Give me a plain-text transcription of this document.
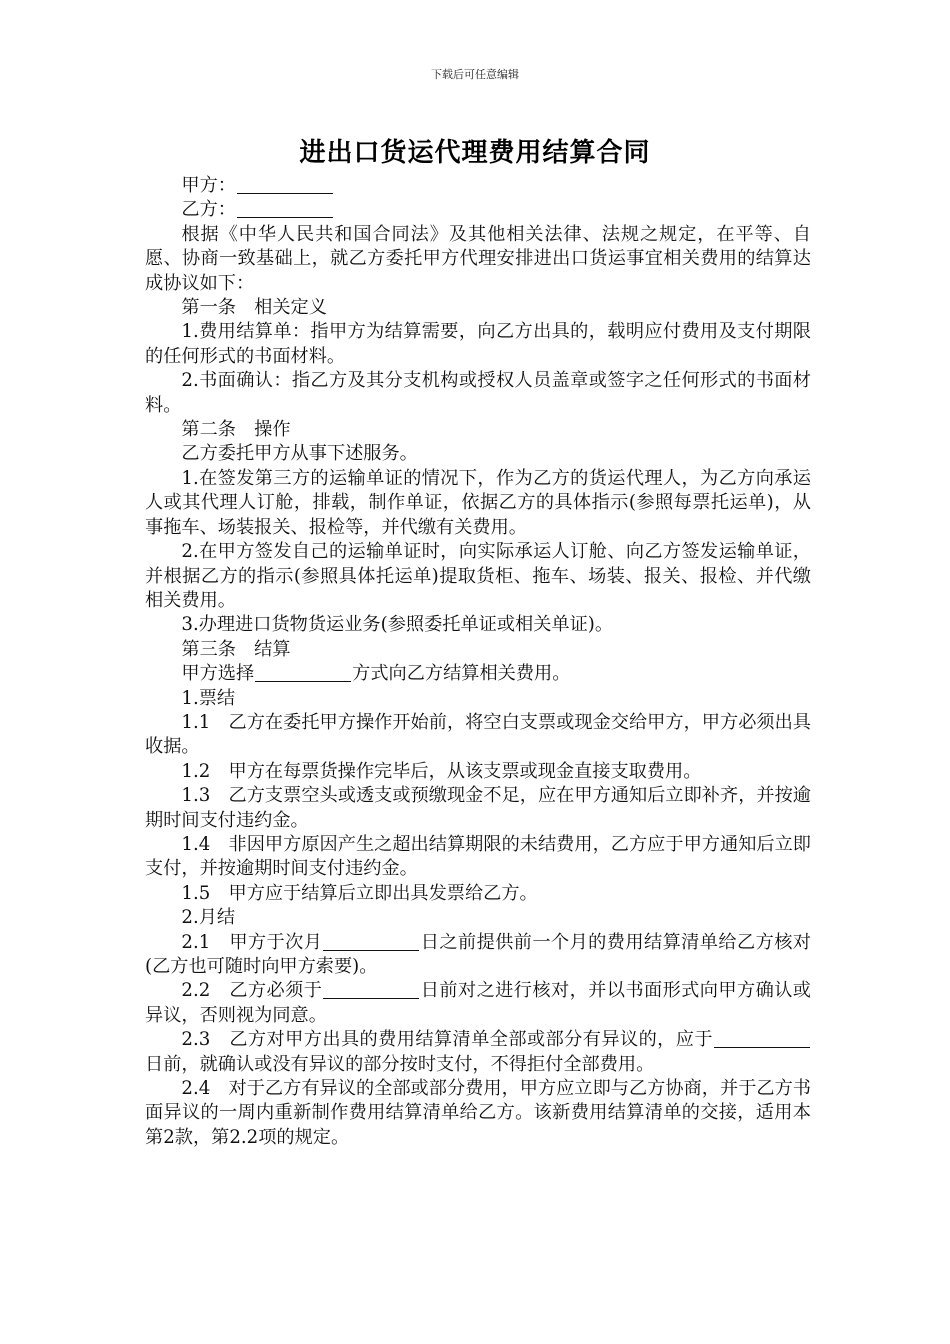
下载后可任意编辑
进出口货运代理费用结算合同

甲方：

乙方：

根据《中华人民共和国合同法》及其他相关法律、法规之规定，在平等、自愿、协商一致基础上，就乙方委托甲方代理安排进出口货运事宜相关费用的结算达成协议如下：

第一条　相关定义

1.费用结算单：指甲方为结算需要，向乙方出具的，载明应付费用及支付期限的任何形式的书面材料。

2.书面确认：指乙方及其分支机构或授权人员盖章或签字之任何形式的书面材料。

第二条　操作

乙方委托甲方从事下述服务。

1.在签发第三方的运输单证的情况下，作为乙方的货运代理人，为乙方向承运人或其代理人订舱，排载，制作单证，依据乙方的具体指示(参照每票托运单)，从事拖车、场装报关、报检等，并代缴有关费用。

2.在甲方签发自己的运输单证时，向实际承运人订舱、向乙方签发运输单证，并根据乙方的指示(参照具体托运单)提取货柜、拖车、场装、报关、报检、并代缴相关费用。

3.办理进口货物货运业务(参照委托单证或相关单证)。

第三条　结算

甲方选择	方式向乙方结算相关费用。

1.票结

1.1　乙方在委托甲方操作开始前，将空白支票或现金交给甲方，甲方必须出具收据。

1.2　甲方在每票货操作完毕后，从该支票或现金直接支取费用。

1.3　乙方支票空头或透支或预缴现金不足，应在甲方通知后立即补齐，并按逾期时间支付违约金。

1.4　非因甲方原因产生之超出结算期限的未结费用，乙方应于甲方通知后立即支付，并按逾期时间支付违约金。

1.5　甲方应于结算后立即出具发票给乙方。

2.月结

2.1　甲方于次月	日之前提供前一个月的费用结算清单给乙方核对(乙方也可随时向甲方索要)。

2.2　乙方必须于	日前对之进行核对，并以书面形式向甲方确认或异议，否则视为同意。

2.3　乙方对甲方出具的费用结算清单全部或部分有异议的，应于日前，就确认或没有异议的部分按时支付，不得拒付全部费用。

2.4　对于乙方有异议的全部或部分费用，甲方应立即与乙方协商，并于乙方书面异议的一周内重新制作费用结算清单给乙方。该新费用结算清单的交接，适用本第2款，第2.2项的规定。
